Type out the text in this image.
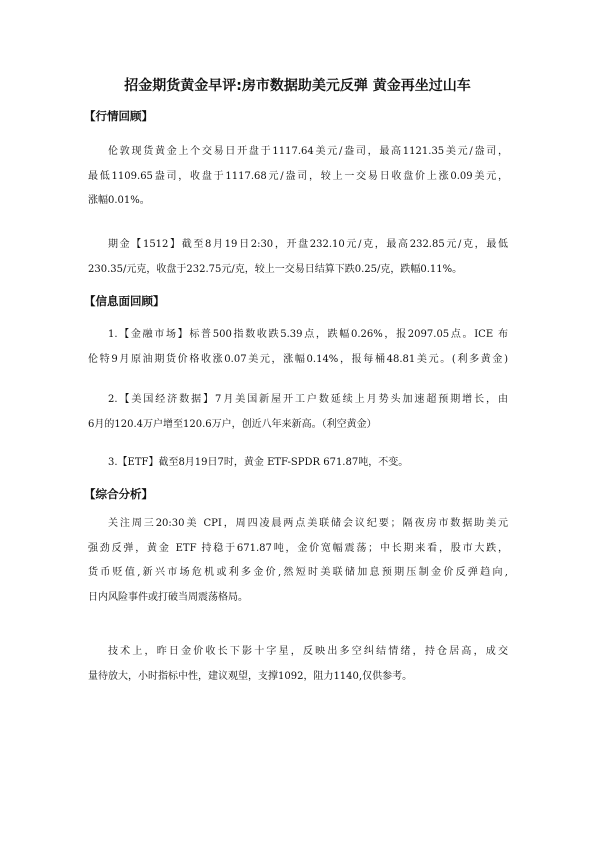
招金期货黄金早评:房市数据助美元反弹 黄金再坐过山车
【行情回顾】
伦敦现货黄金上个交易日开盘于1117.64美元/盎司，最高1121.35美元/盎司，
最低1109.65盎司，收盘于1117.68元/盎司，较上一交易日收盘价上涨0.09美元，
涨幅0.01%。
期金【1512】截至8月19日2:30，开盘232.10元/克，最高232.85元/克，最低
230.35/元克，收盘于232.75元/克，较上一交易日结算下跌0.25/克，跌幅0.11%。
【信息面回顾】
1.【金融市场】标普500指数收跌5.39点，跌幅0.26%，报2097.05点。ICE 布
伦特9月原油期货价格收涨0.07美元，涨幅0.14%，报每桶48.81美元。(利多黄金)
2.【美国经济数据】7月美国新屋开工户数延续上月势头加速超预期增长，由
6月的120.4万户增至120.6万户，创近八年来新高。（利空黄金）
3.【ETF】截至8月19日7时，黄金 ETF-SPDR 671.87吨，不变。
【综合分析】
关注周三20:30美 CPI，周四凌晨两点美联储会议纪要；隔夜房市数据助美元
强劲反弹，黄金 ETF 持稳于671.87吨，金价宽幅震荡；中长期来看，股市大跌，
货币贬值,新兴市场危机或利多金价,然短时美联储加息预期压制金价反弹趋向,
日内风险事件或打破当周震荡格局。
技术上，昨日金价收长下影十字星，反映出多空纠结情绪，持仓居高，成交
量待放大，小时指标中性，建议观望，支撑1092，阻力1140,仅供参考。
